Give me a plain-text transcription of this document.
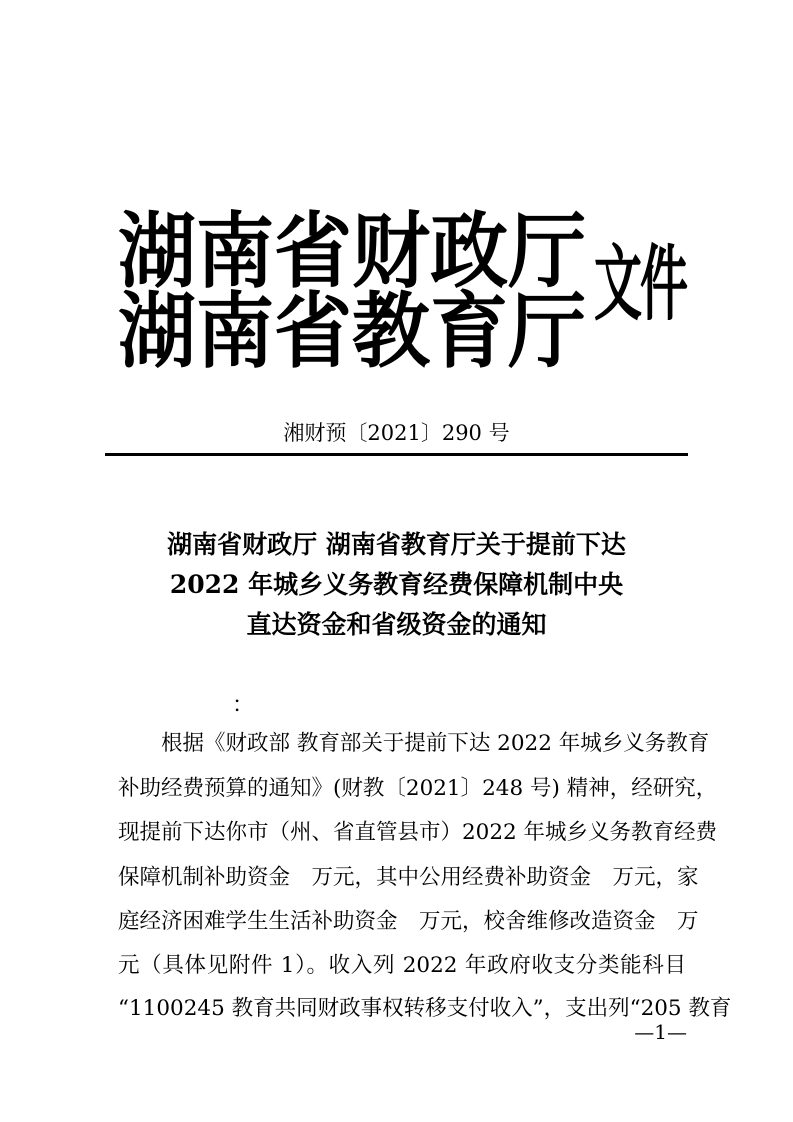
湖 南 省 财 政 厅
湖 南 省 教 育 厅 文件
湘财预〔2021〕290 号
湖南省财政厅 湖南省教育厅关于提前下达
2022 年城乡义务教育经费保障机制中央
直达资金和省级资金的通知
：
　　根据《财政部 教育部关于提前下达 2022 年城乡义务教育
补助经费预算的通知》(财教〔2021〕248 号) 精神，经研究，
现提前下达你市（州、省直管县市）2022 年城乡义务教育经费
保障机制补助资金　万元，其中公用经费补助资金　万元，家
庭经济困难学生生活补助资金　万元，校舍维修改造资金　万
元（具体见附件 1）。收入列 2022 年政府收支分类能科目
“1100245 教育共同财政事权转移支付收入”，支出列“205 教育
—1—
